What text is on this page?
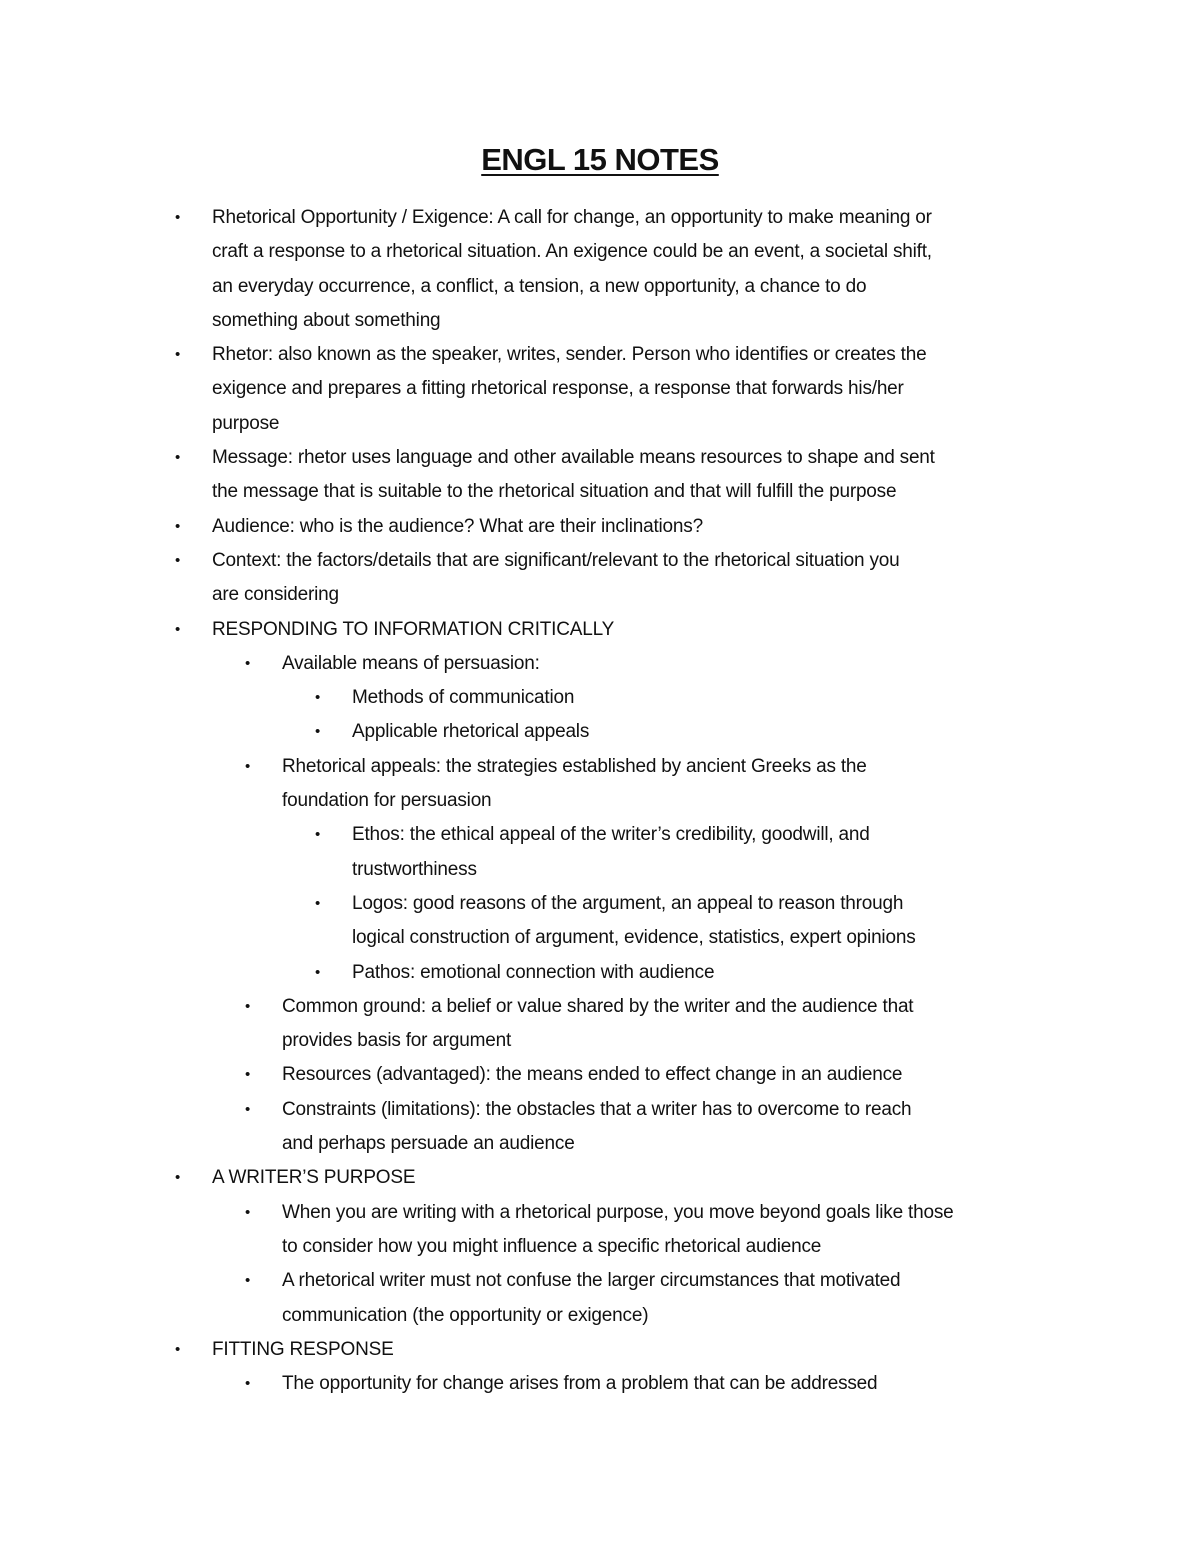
ENGL 15 NOTES
•	Rhetorical Opportunity / Exigence: A call for change, an opportunity to make meaning or
craft a response to a rhetorical situation. An exigence could be an event, a societal shift,
an everyday occurrence, a conflict, a tension, a new opportunity, a chance to do
something about something
•	Rhetor: also known as the speaker, writes, sender. Person who identifies or creates the
exigence and prepares a fitting rhetorical response, a response that forwards his/her
purpose
•	Message: rhetor uses language and other available means resources to shape and sent
the message that is suitable to the rhetorical situation and that will fulfill the purpose
•	Audience: who is the audience? What are their inclinations?
•	Context: the factors/details that are significant/relevant to the rhetorical situation you
are considering
•	RESPONDING TO INFORMATION CRITICALLY
•	Available means of persuasion:
•	Methods of communication
•	Applicable rhetorical appeals
•	Rhetorical appeals: the strategies established by ancient Greeks as the
foundation for persuasion
•	Ethos: the ethical appeal of the writer’s credibility, goodwill, and
trustworthiness
•	Logos: good reasons of the argument, an appeal to reason through
logical construction of argument, evidence, statistics, expert opinions
•	Pathos: emotional connection with audience
•	Common ground: a belief or value shared by the writer and the audience that
provides basis for argument
•	Resources (advantaged): the means ended to effect change in an audience
•	Constraints (limitations): the obstacles that a writer has to overcome to reach
and perhaps persuade an audience
•	A WRITER’S PURPOSE
•	When you are writing with a rhetorical purpose, you move beyond goals like those
to consider how you might influence a specific rhetorical audience
•	A rhetorical writer must not confuse the larger circumstances that motivated
communication (the opportunity or exigence)
•	FITTING RESPONSE
•	The opportunity for change arises from a problem that can be addressed
